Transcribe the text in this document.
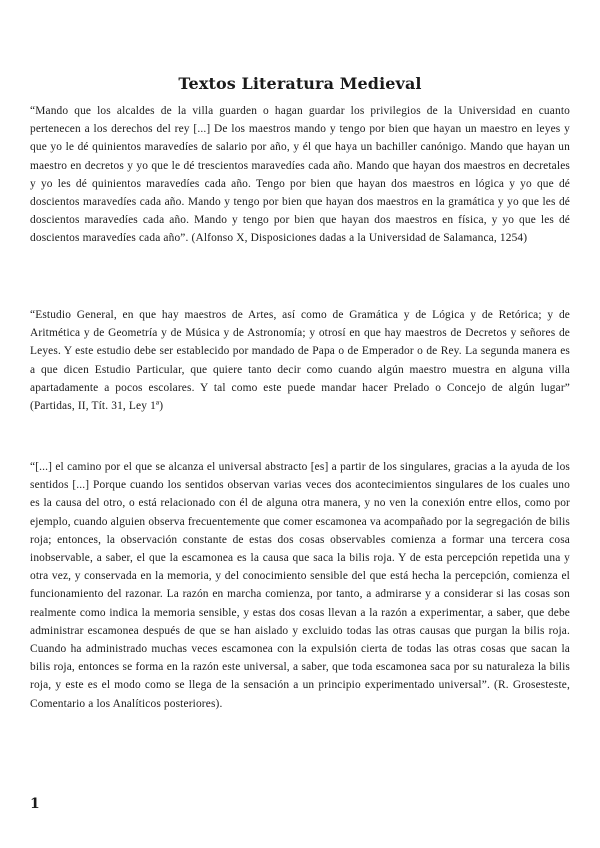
Textos Literatura Medieval

“Mando que los alcaldes de la villa guarden o hagan guardar los privilegios de la Universidad en cuanto pertenecen a los derechos del rey [...] De los maestros mando y tengo por bien que hayan un maestro en leyes y que yo le dé quinientos maravedíes de salario por año, y él que haya un bachiller canónigo. Mando que hayan un maestro en decretos y yo que le dé trescientos maravedíes cada año. Mando que hayan dos maestros en decretales y yo les dé quinientos maravedíes cada año. Tengo por bien que hayan dos maestros en lógica y yo que dé doscientos maravedíes cada año. Mando y tengo por bien que hayan dos maestros en la gramática y yo que les dé doscientos maravedíes cada año. Mando y tengo por bien que hayan dos maestros en física, y yo que les dé doscientos maravedíes cada año”. (Alfonso X, Disposiciones dadas a la Universidad de Salamanca, 1254)

“Estudio General, en que hay maestros de Artes, así como de Gramática y de Lógica y de Retórica; y de Aritmética y de Geometría y de Música y de Astronomía; y otrosí en que hay maestros de Decretos y señores de Leyes. Y este estudio debe ser establecido por mandado de Papa o de Emperador o de Rey. La segunda manera es a que dicen Estudio Particular, que quiere tanto decir como cuando algún maestro muestra en alguna villa apartadamente a pocos escolares. Y tal como este puede mandar hacer Prelado o Concejo de algún lugar” (Partidas, II, Tít. 31, Ley 1ª)

“[...] el camino por el que se alcanza el universal abstracto [es] a partir de los singulares, gracias a la ayuda de los sentidos [...] Porque cuando los sentidos observan varias veces dos acontecimientos singulares de los cuales uno es la causa del otro, o está relacionado con él de alguna otra manera, y no ven la conexión entre ellos, como por ejemplo, cuando alguien observa frecuentemente que comer escamonea va acompañado por la segregación de bilis roja; entonces, la observación constante de estas dos cosas observables comienza a formar una tercera cosa inobservable, a saber, el que la escamonea es la causa que saca la bilis roja. Y de esta percepción repetida una y otra vez, y conservada en la memoria, y del conocimiento sensible del que está hecha la percepción, comienza el funcionamiento del razonar. La razón en marcha comienza, por tanto, a admirarse y a considerar si las cosas son realmente como indica la memoria sensible, y estas dos cosas llevan a la razón a experimentar, a saber, que debe administrar escamonea después de que se han aislado y excluido todas las otras causas que purgan la bilis roja. Cuando ha administrado muchas veces escamonea con la expulsión cierta de todas las otras cosas que sacan la bilis roja, entonces se forma en la razón este universal, a saber, que toda escamonea saca por su naturaleza la bilis roja, y este es el modo como se llega de la sensación a un principio experimentado universal”. (R. Grosesteste, Comentario a los Analíticos posteriores).

1
